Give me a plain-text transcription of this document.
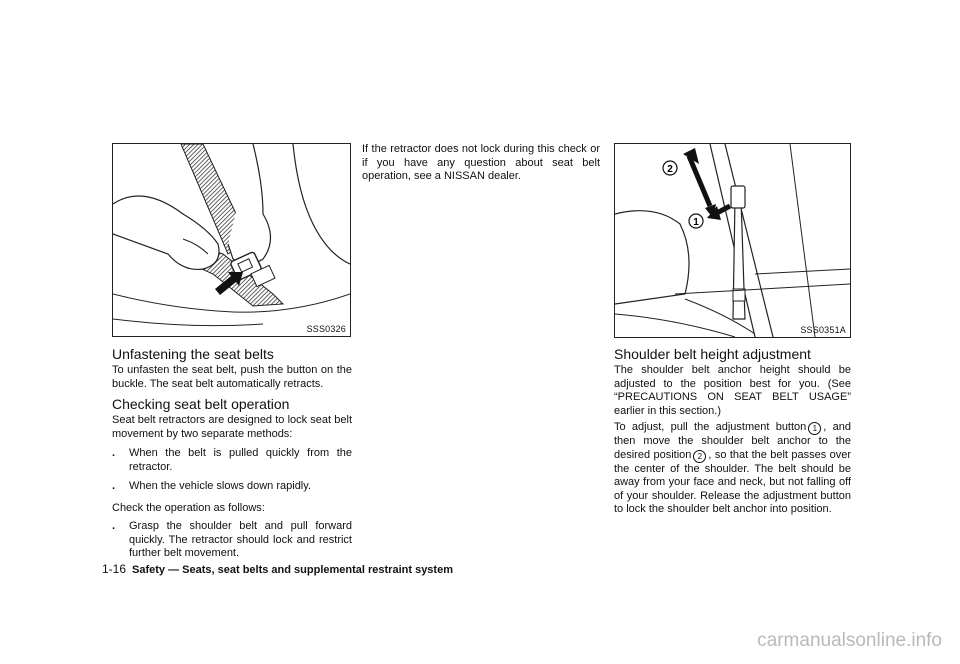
SSS0326
2
1
SSS0351A
Unfastening the seat belts

To unfasten the seat belt, push the button on the buckle. The seat belt automatically retracts.

Checking seat belt operation

Seat belt retractors are designed to lock seat belt movement by two separate methods:

. When the belt is pulled quickly from the retractor.
. When the vehicle slows down rapidly.

Check the operation as follows:

. Grasp the shoulder belt and pull forward quickly. The retractor should lock and restrict further belt movement.

If the retractor does not lock during this check or if you have any question about seat belt operation, see a NISSAN dealer.

Shoulder belt height adjustment

The shoulder belt anchor height should be adjusted to the position best for you. (See “PRECAUTIONS ON SEAT BELT USAGE” earlier in this section.)

To adjust, pull the adjustment button 1 , and then move the shoulder belt anchor to the desired position 2 , so that the belt passes over the center of the shoulder. The belt should be away from your face and neck, but not falling off of your shoulder. Release the adjustment button to lock the shoulder belt anchor into position.

1-16 Safety — Seats, seat belts and supplemental restraint system
carmanualsonline.info
